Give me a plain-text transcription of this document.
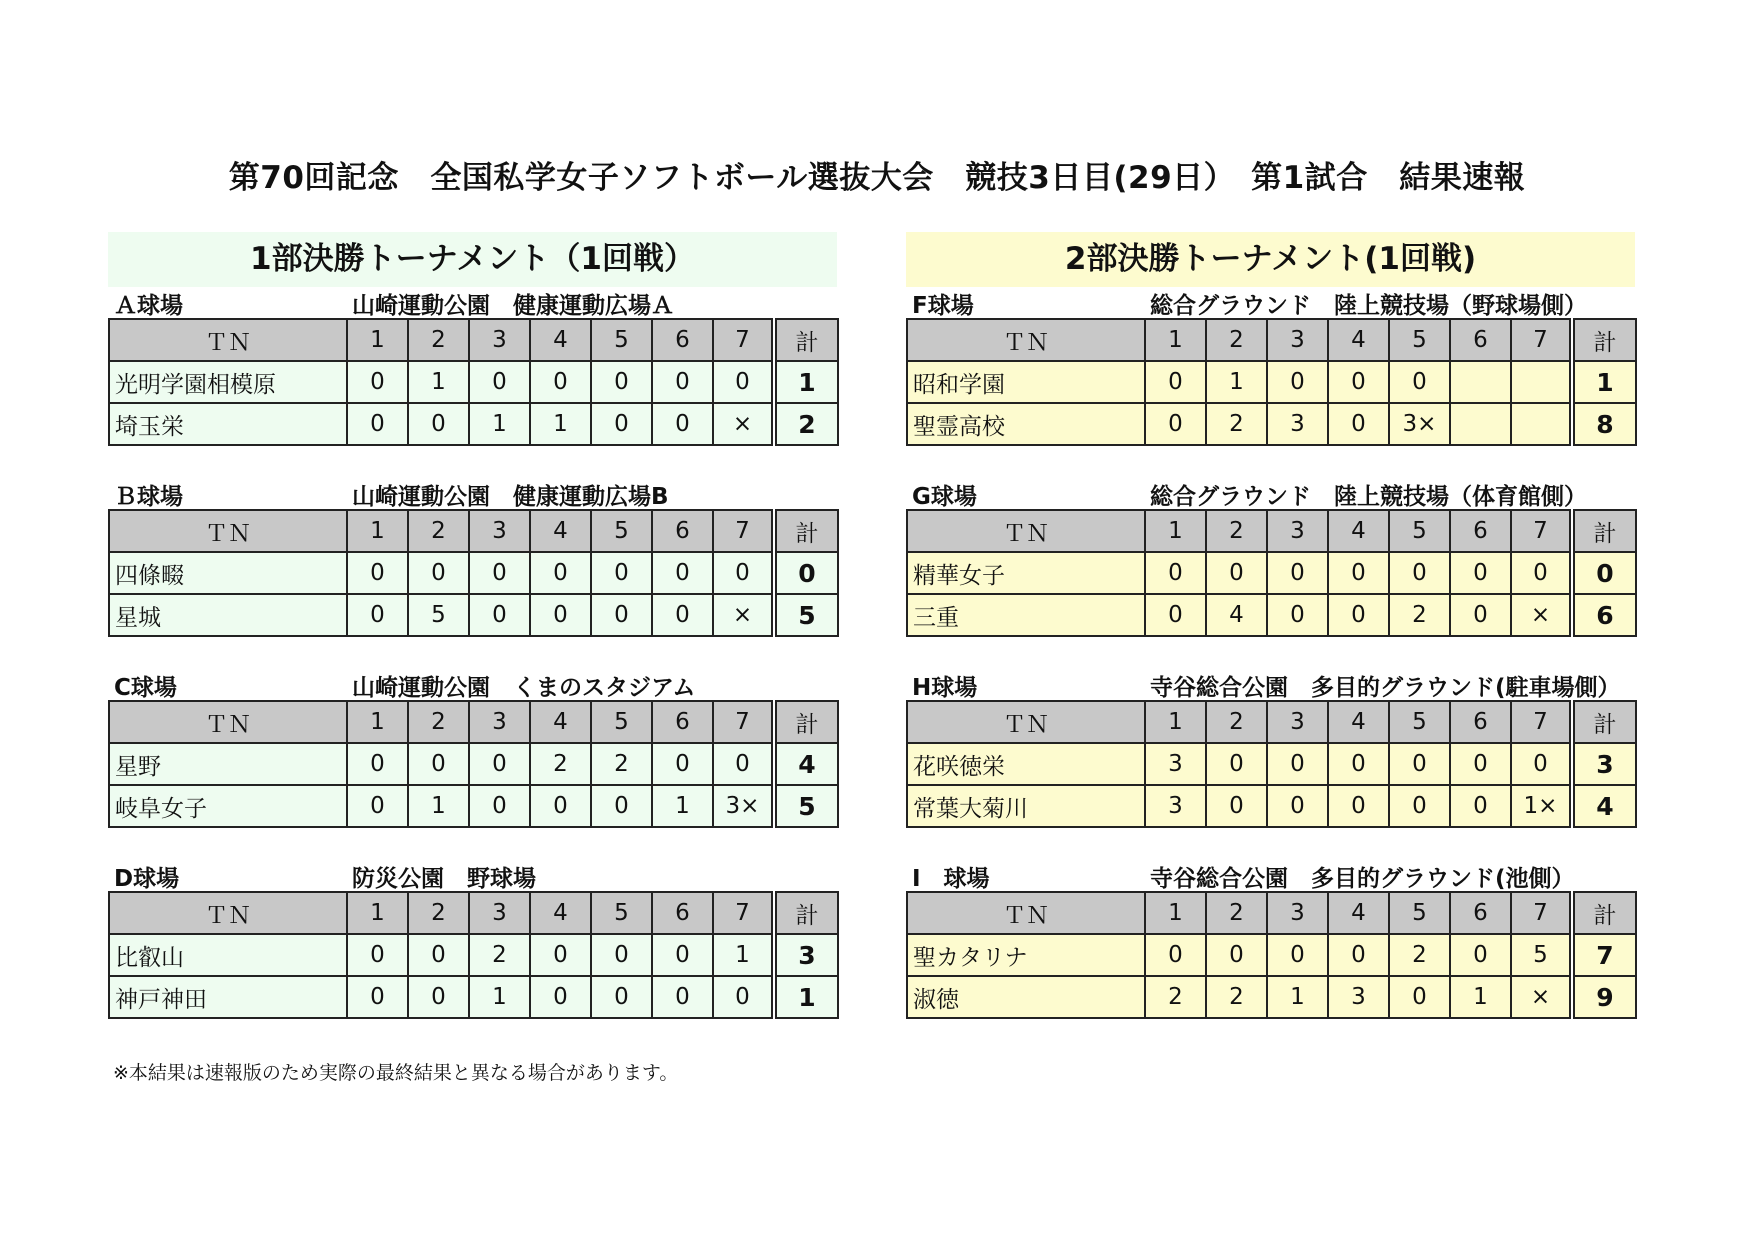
第70回記念　全国私学女子ソフトボール選抜大会　競技3日目(29日）　第1試合　結果速報
1部決勝トーナメント（1回戦）	2部決勝トーナメント(1回戦)
Ａ球場	山崎運動公園　健康運動広場Ａ
ＴＮ	1	2	3	4	5	6	7	計
光明学園相模原	0	1	0	0	0	0	0	1
埼玉栄	0	0	1	1	0	0	×	2
Ｂ球場	山崎運動公園　健康運動広場B
ＴＮ	1	2	3	4	5	6	7	計
四條畷	0	0	0	0	0	0	0	0
星城	0	5	0	0	0	0	×	5
C球場	山崎運動公園　くまのスタジアム
ＴＮ	1	2	3	4	5	6	7	計
星野	0	0	0	2	2	0	0	4
岐阜女子	0	1	0	0	0	1	3×	5
D球場	防災公園　野球場
ＴＮ	1	2	3	4	5	6	7	計
比叡山	0	0	2	0	0	0	1	3
神戸神田	0	0	1	0	0	0	0	1
F球場	総合グラウンド　陸上競技場（野球場側）
ＴＮ	1	2	3	4	5	6	7	計
昭和学園	0	1	0	0	0			1
聖霊高校	0	2	3	0	3×			8
G球場	総合グラウンド　陸上競技場（体育館側）
ＴＮ	1	2	3	4	5	6	7	計
精華女子	0	0	0	0	0	0	0	0
三重	0	4	0	0	2	0	×	6
H球場	寺谷総合公園　多目的グラウンド(駐車場側）
ＴＮ	1	2	3	4	5	6	7	計
花咲徳栄	3	0	0	0	0	0	0	3
常葉大菊川	3	0	0	0	0	0	1×	4
I　球場	寺谷総合公園　多目的グラウンド(池側）
ＴＮ	1	2	3	4	5	6	7	計
聖カタリナ	0	0	0	0	2	0	5	7
淑徳	2	2	1	3	0	1	×	9
※本結果は速報版のため実際の最終結果と異なる場合があります。
